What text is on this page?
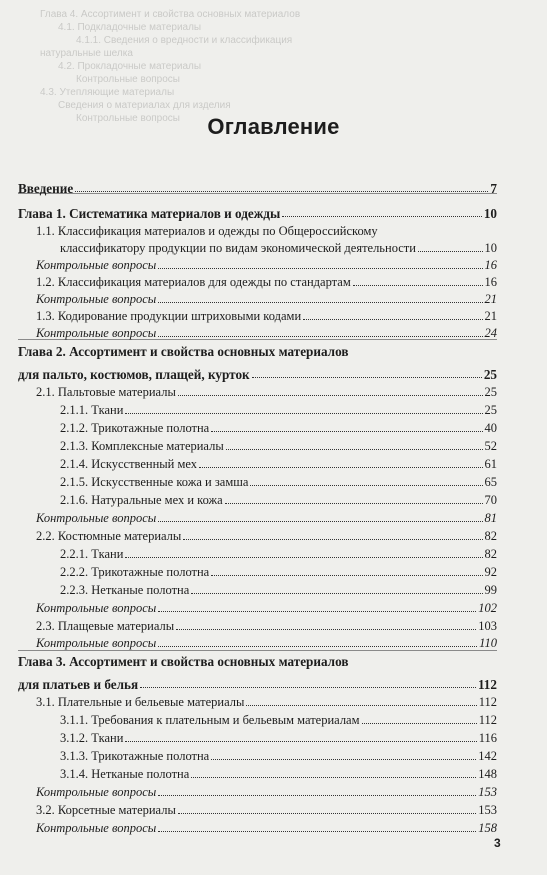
Глава 4. Ассортимент и свойства основных материалов
4.1. Подкладочные материалы
4.1.1. Сведения о вредности и классификация
натуральные шелка
4.2. Прокладочные материалы
Контрольные вопросы
4.3. Утепляющие материалы
Сведения о материалах для изделия
Контрольные вопросы	Оглавление
Введение	7
Глава 1. Систематика материалов и одежды	10
1.1. Классификация материалов и одежды по Общероссийскому
классификатору продукции по видам экономической деятельности	10
Контрольные вопросы	16
1.2. Классификация материалов для одежды по стандартам	16
Контрольные вопросы	21
1.3. Кодирование продукции штриховыми кодами	21
Контрольные вопросы	24
Глава 2. Ассортимент и свойства основных материалов
для пальто, костюмов, плащей, курток	25
2.1. Пальтовые материалы	25
2.1.1. Ткани	25
2.1.2. Трикотажные полотна	40
2.1.3. Комплексные материалы	52
2.1.4. Искусственный мех	61
2.1.5. Искусственные кожа и замша	65
2.1.6. Натуральные мех и кожа	70
Контрольные вопросы	81
2.2. Костюмные материалы	82
2.2.1. Ткани	82
2.2.2. Трикотажные полотна	92
2.2.3. Нетканые полотна	99
Контрольные вопросы	102
2.3. Плащевые материалы	103
Контрольные вопросы	110
Глава 3. Ассортимент и свойства основных материалов
для платьев и белья	112
3.1. Плательные и бельевые материалы	112
3.1.1. Требования к плательным и бельевым материалам	112
3.1.2. Ткани	116
3.1.3. Трикотажные полотна	142
3.1.4. Нетканые полотна	148
Контрольные вопросы	153
3.2. Корсетные материалы	153
Контрольные вопросы	158
3
